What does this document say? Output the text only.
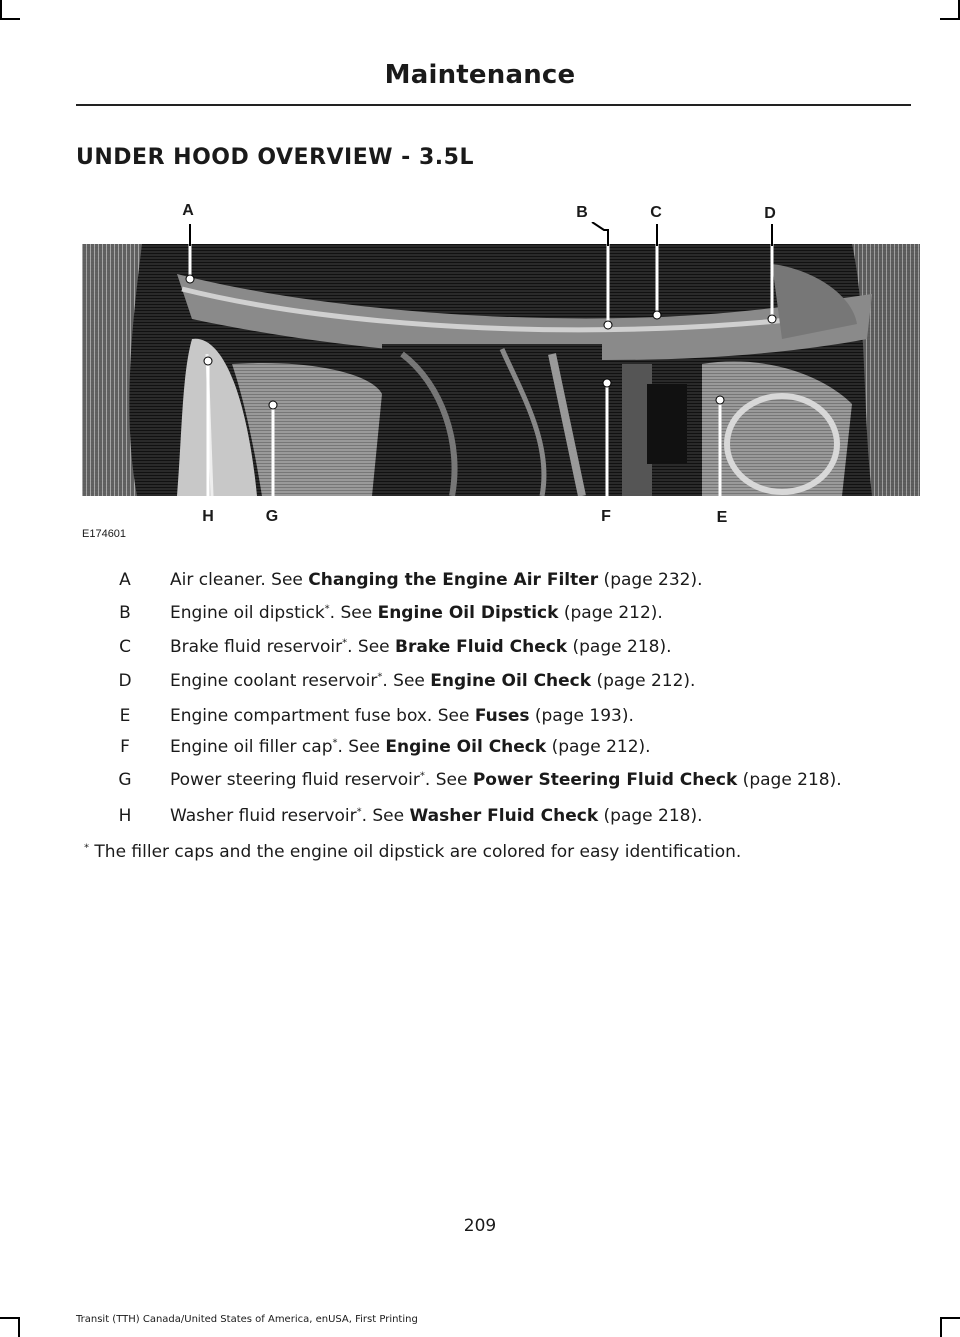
Maintenance
UNDER HOOD OVERVIEW - 3.5L
A	B	C	D
H	G	F	E
E174601
A	Air cleaner. See Changing the Engine Air Filter (page 232).
B	Engine oil dipstick*. See Engine Oil Dipstick (page 212).
C Brake fluid reservoir*. See Brake Fluid Check (page 218).
D Engine coolant reservoir*. See Engine Oil Check (page 212).
E	Engine compartment fuse box. See Fuses (page 193).
F	Engine oil filler cap*. See Engine Oil Check (page 212).
G Power steering fluid reservoir*. See Power Steering Fluid Check (page 218).
H Washer fluid reservoir*. See Washer Fluid Check (page 218).
* The filler caps and the engine oil dipstick are colored for easy identification.
209
Transit (TTH) Canada/United States of America, enUSA, First Printing
